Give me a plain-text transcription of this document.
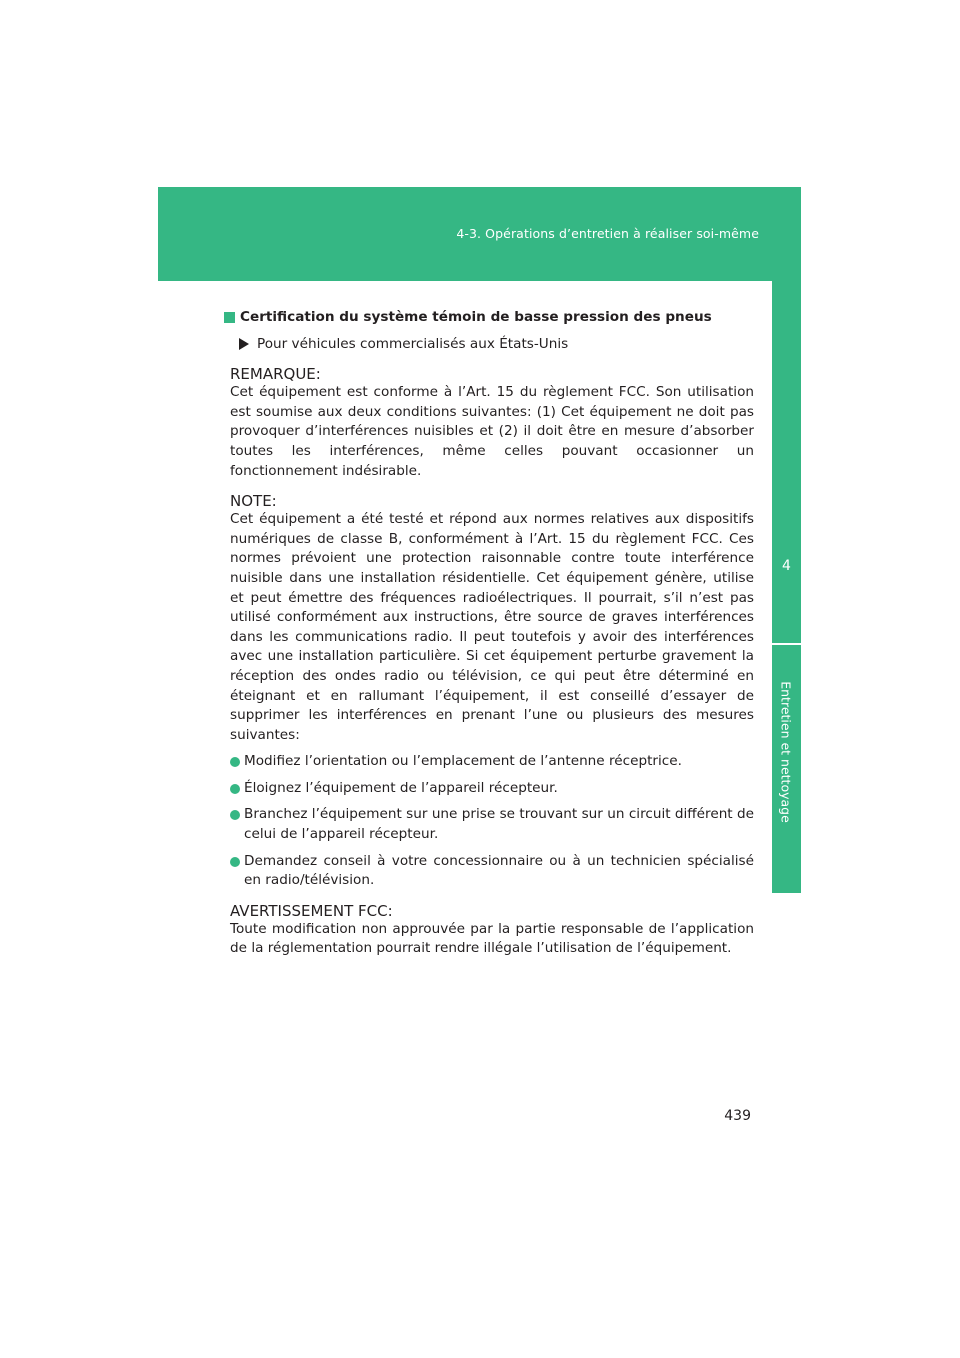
4-3. Opérations d’entretien à réaliser soi-même
4
Entretien et nettoyage
Certification du système témoin de basse pression des pneus
Pour véhicules commercialisés aux États-Unis
REMARQUE:
Cet équipement est conforme à l’Art. 15 du règlement FCC. Son utilisation est soumise aux deux conditions suivantes: (1) Cet équipement ne doit pas provoquer d’interférences nuisibles et (2) il doit être en mesure d’absorber toutes les interférences, même celles pouvant occasionner un fonctionnement indésirable.
NOTE:
Cet équipement a été testé et répond aux normes relatives aux dispositifs numériques de classe B, conformément à l’Art. 15 du règlement FCC. Ces normes prévoient une protection raisonnable contre toute interférence nuisible dans une installation résidentielle. Cet équipement génère, utilise et peut émettre des fréquences radioélectriques. Il pourrait, s’il n’est pas utilisé conformément aux instructions, être source de graves interférences dans les communications radio. Il peut toutefois y avoir des interférences avec une installation particulière. Si cet équipement perturbe gravement la réception des ondes radio ou télévision, ce qui peut être déterminé en éteignant et en rallumant l’équipement, il est conseillé d’essayer de supprimer les interférences en prenant l’une ou plusieurs des mesures suivantes:
Modifiez l’orientation ou l’emplacement de l’antenne réceptrice.
Éloignez l’équipement de l’appareil récepteur.
Branchez l’équipement sur une prise se trouvant sur un circuit différent de celui de l’appareil récepteur.
Demandez conseil à votre concessionnaire ou à un technicien spécialisé en radio/télévision.
AVERTISSEMENT FCC:
Toute modification non approuvée par la partie responsable de l’application de la réglementation pourrait rendre illégale l’utilisation de l’équipement.
439
